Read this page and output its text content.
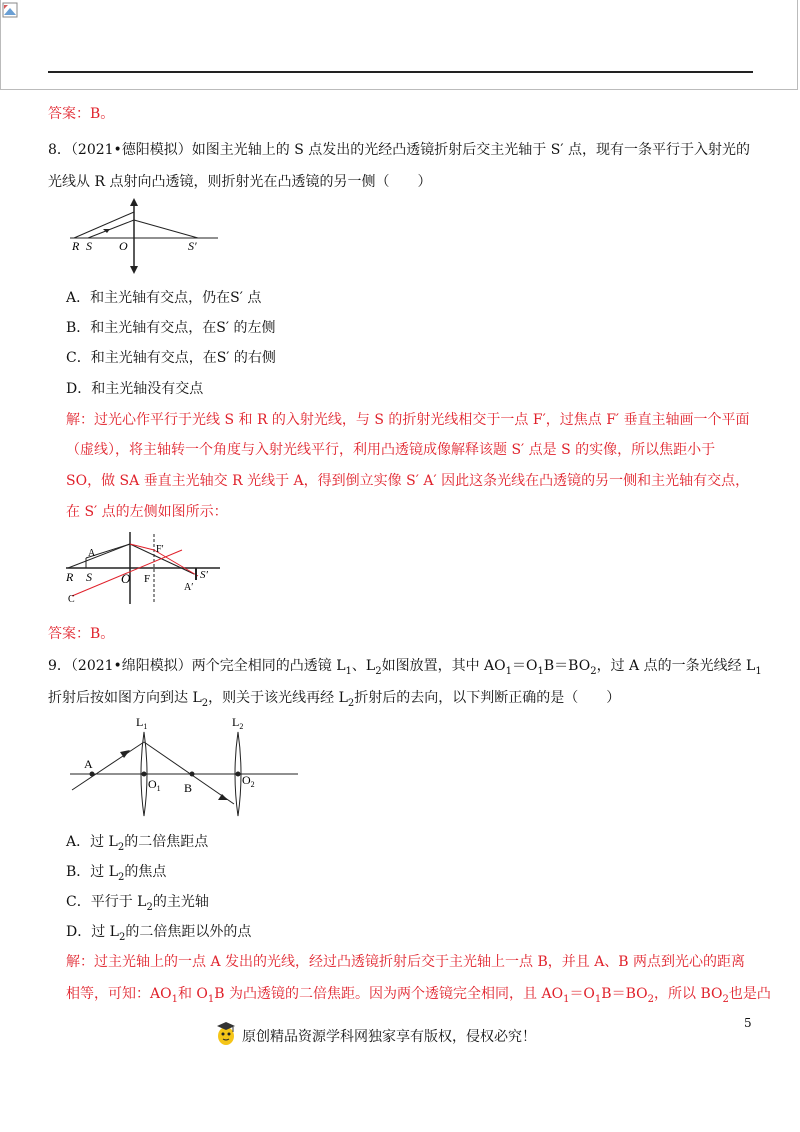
答案：B。
8．（2021•德阳模拟）如图主光轴上的 S 点发出的光经凸透镜折射后交主光轴于 S′ 点，现有一条平行于入射光的
光线从 R 点射向凸透镜，则折射光在凸透镜的另一侧（　　）
R S O	S′
A．和主光轴有交点，仍在S′ 点
B．和主光轴有交点，在S′ 的左侧
C．和主光轴有交点，在S′ 的右侧
D．和主光轴没有交点
解：过光心作平行于光线 S 和 R 的入射光线，与 S 的折射光线相交于一点 F′，过焦点 F′ 垂直主轴画一个平面
（虚线），将主轴转一个角度与入射光线平行，利用凸透镜成像解释该题 S′ 点是 S 的实像，所以焦距小于
SO，做 SA 垂直主光轴交 R 光线于 A，得到倒立实像 S′ A′ 因此这条光线在凸透镜的另一侧和主光轴有交点，
在 S′ 点的左侧如图所示：
A
R S O F
F′
S′
A′
C
答案：B。
9．（2021•绵阳模拟）两个完全相同的凸透镜 $L_1$、$L_2$如图放置，其中 $AO_1=O_1B=BO_2$，过 A 点的一条光线经 $L_1$
折射后按如图方向到达 $L_2$，则关于该光线再经 $L_2$折射后的去向，以下判断正确的是（　　）
$L_1$	$L_2$
A
$O_1$ B
$O_2$
A．过 $L_2$的二倍焦距点
B．过 $L_2$的焦点
C．平行于 $L_2$的主光轴
D．过 $L_2$的二倍焦距以外的点
解：过主光轴上的一点 A 发出的光线，经过凸透镜折射后交于主光轴上一点 B，并且 A、B 两点到光心的距离
相等，可知：$AO_1$和 $O_1B$ 为凸透镜的二倍焦距。因为两个透镜完全相同，且 $AO_1=O_1B=BO_2$，所以 $BO_2$也是凸
5
原创精品资源学科网独家享有版权，侵权必究！
